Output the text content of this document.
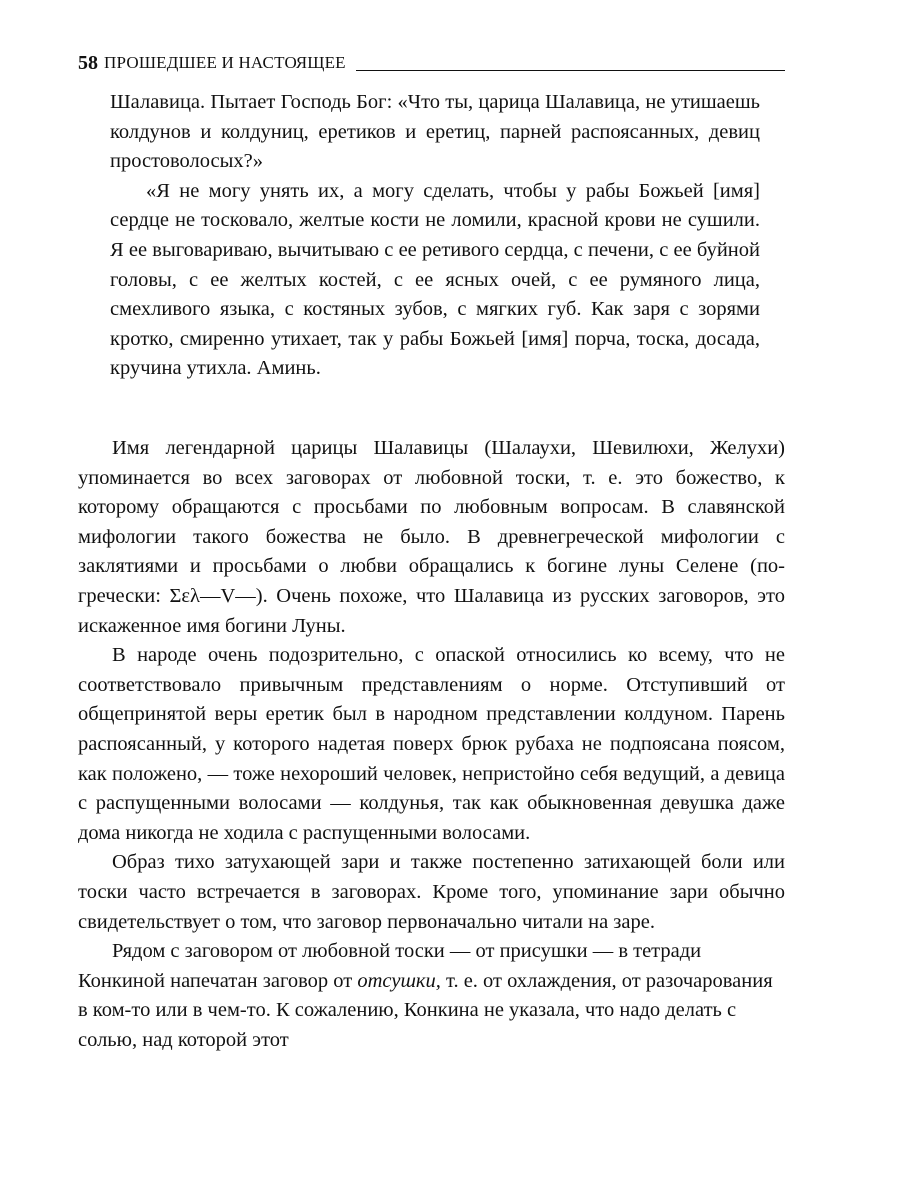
58 ПРОШЕДШЕЕ И НАСТОЯЩЕЕ

Шалавица. Пытает Господь Бог: «Что ты, царица Шалавица, не утишаешь колдунов и колдуниц, еретиков и еретиц, парней распоясанных, девиц простоволосых?»

«Я не могу унять их, а могу сделать, чтобы у рабы Божьей [имя] сердце не тосковало, желтые кости не ломили, красной крови не сушили. Я ее выговариваю, вычитываю с ее ретивого сердца, с печени, с ее буйной головы, с ее желтых костей, с ее ясных очей, с ее румяного лица, смехливого языка, с костяных зубов, с мягких губ. Как заря с зорями кротко, смиренно утихает, так у рабы Божьей [имя] порча, тоска, досада, кручина утихла. Аминь.

Имя легендарной царицы Шалавицы (Шалаухи, Шевилюхи, Желухи) упоминается во всех заговорах от любовной тоски, т. е. это божество, к которому обращаются с просьбами по любовным вопросам. В славянской мифологии такого божества не было. В древнегреческой мифологии с заклятиями и просьбами о любви обращались к богине луны Селене (по-гречески: Σελ—V—). Очень похоже, что Шалавица из русских заговоров, это искаженное имя богини Луны.

В народе очень подозрительно, с опаской относились ко всему, что не соответствовало привычным представлениям о норме. Отступивший от общепринятой веры еретик был в народном представлении колдуном. Парень распоясанный, у которого надетая поверх брюк рубаха не подпоясана поясом, как положено, — тоже нехороший человек, непристойно себя ведущий, а девица с распущенными волосами — колдунья, так как обыкновенная девушка даже дома никогда не ходила с распущенными волосами.

Образ тихо затухающей зари и также постепенно затихающей боли или тоски часто встречается в заговорах. Кроме того, упоминание зари обычно свидетельствует о том, что заговор первоначально читали на заре.

Рядом с заговором от любовной тоски — от присушки — в тетради Конкиной напечатан заговор от отсушки, т. е. от охлаждения, от разочарования в ком-то или в чем-то. К сожалению, Конкина не указала, что надо делать с солью, над которой этот
